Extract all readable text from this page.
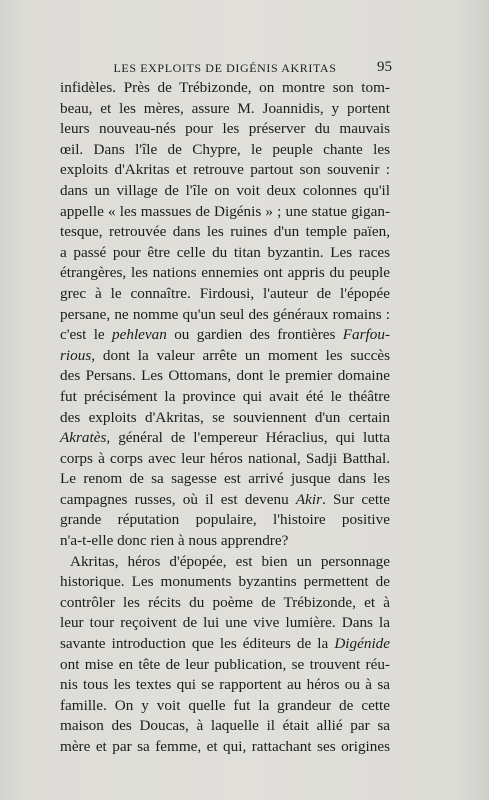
LES EXPLOITS DE DIGÉNIS AKRITAS	95
infidèles. Près de Trébizonde, on montre son tom-
beau, et les mères, assure M. Joannidis, y portent
leurs nouveau-nés pour les préserver du mauvais
œil. Dans l'île de Chypre, le peuple chante les
exploits d'Akritas et retrouve partout son souvenir :
dans un village de l'île on voit deux colonnes qu'il
appelle « les massues de Digénis » ; une statue gigan-
tesque, retrouvée dans les ruines d'un temple païen,
a passé pour être celle du titan byzantin. Les races
étrangères, les nations ennemies ont appris du peuple
grec à le connaître. Firdousi, l'auteur de l'épopée
persane, ne nomme qu'un seul des généraux romains :
c'est le pehlevan ou gardien des frontières Farfou-
rious, dont la valeur arrête un moment les succès
des Persans. Les Ottomans, dont le premier domaine
fut précisément la province qui avait été le théâtre
des exploits d'Akritas, se souviennent d'un certain
Akratès, général de l'empereur Héraclius, qui lutta
corps à corps avec leur héros national, Sadji Batthal.
Le renom de sa sagesse est arrivé jusque dans les
campagnes russes, où il est devenu Akir. Sur cette
grande réputation populaire, l'histoire positive
n'a-t-elle donc rien à nous apprendre?
Akritas, héros d'épopée, est bien un personnage
historique. Les monuments byzantins permettent de
contrôler les récits du poème de Trébizonde, et à
leur tour reçoivent de lui une vive lumière. Dans la
savante introduction que les éditeurs de la Digénide
ont mise en tête de leur publication, se trouvent réu-
nis tous les textes qui se rapportent au héros ou à sa
famille. On y voit quelle fut la grandeur de cette
maison des Doucas, à laquelle il était allié par sa
mère et par sa femme, et qui, rattachant ses origines
